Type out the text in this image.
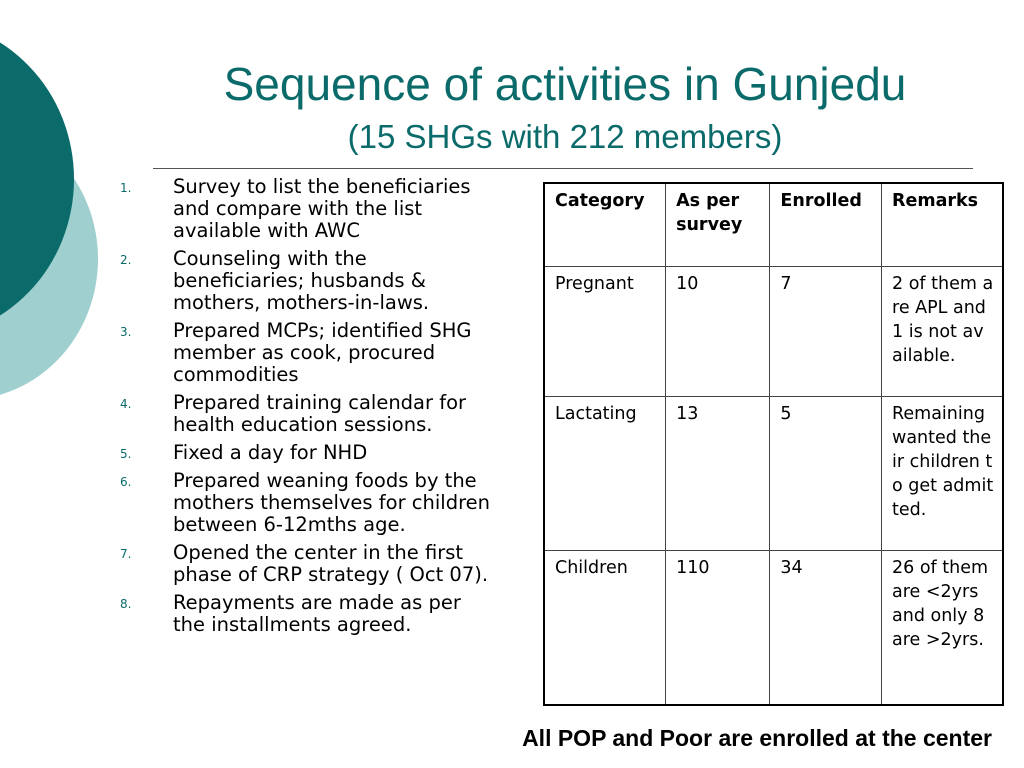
Sequence of activities in Gunjedu
(15 SHGs with 212 members)
1. Survey to list the beneficiaries and compare with the list available with AWC
2. Counseling with the beneficiaries; husbands & mothers, mothers-in-laws.
3. Prepared MCPs; identified SHG member as cook, procured commodities
4. Prepared training calendar for health education sessions.
5. Fixed a day for NHD
6. Prepared weaning foods by the mothers themselves for children between 6-12mths age.
7. Opened the center in the first phase of CRP strategy ( Oct 07).
8. Repayments are made as per the installments agreed.
Category	As per survey	Enrolled	Remarks
Pregnant	10	7	2 of them are APL and 1 is not available.
Lactating	13	5	Remaining wanted their children to get admitted.
Children	110	34	26 of them are <2yrs and only 8 are >2yrs.
All POP and Poor are enrolled at the center
